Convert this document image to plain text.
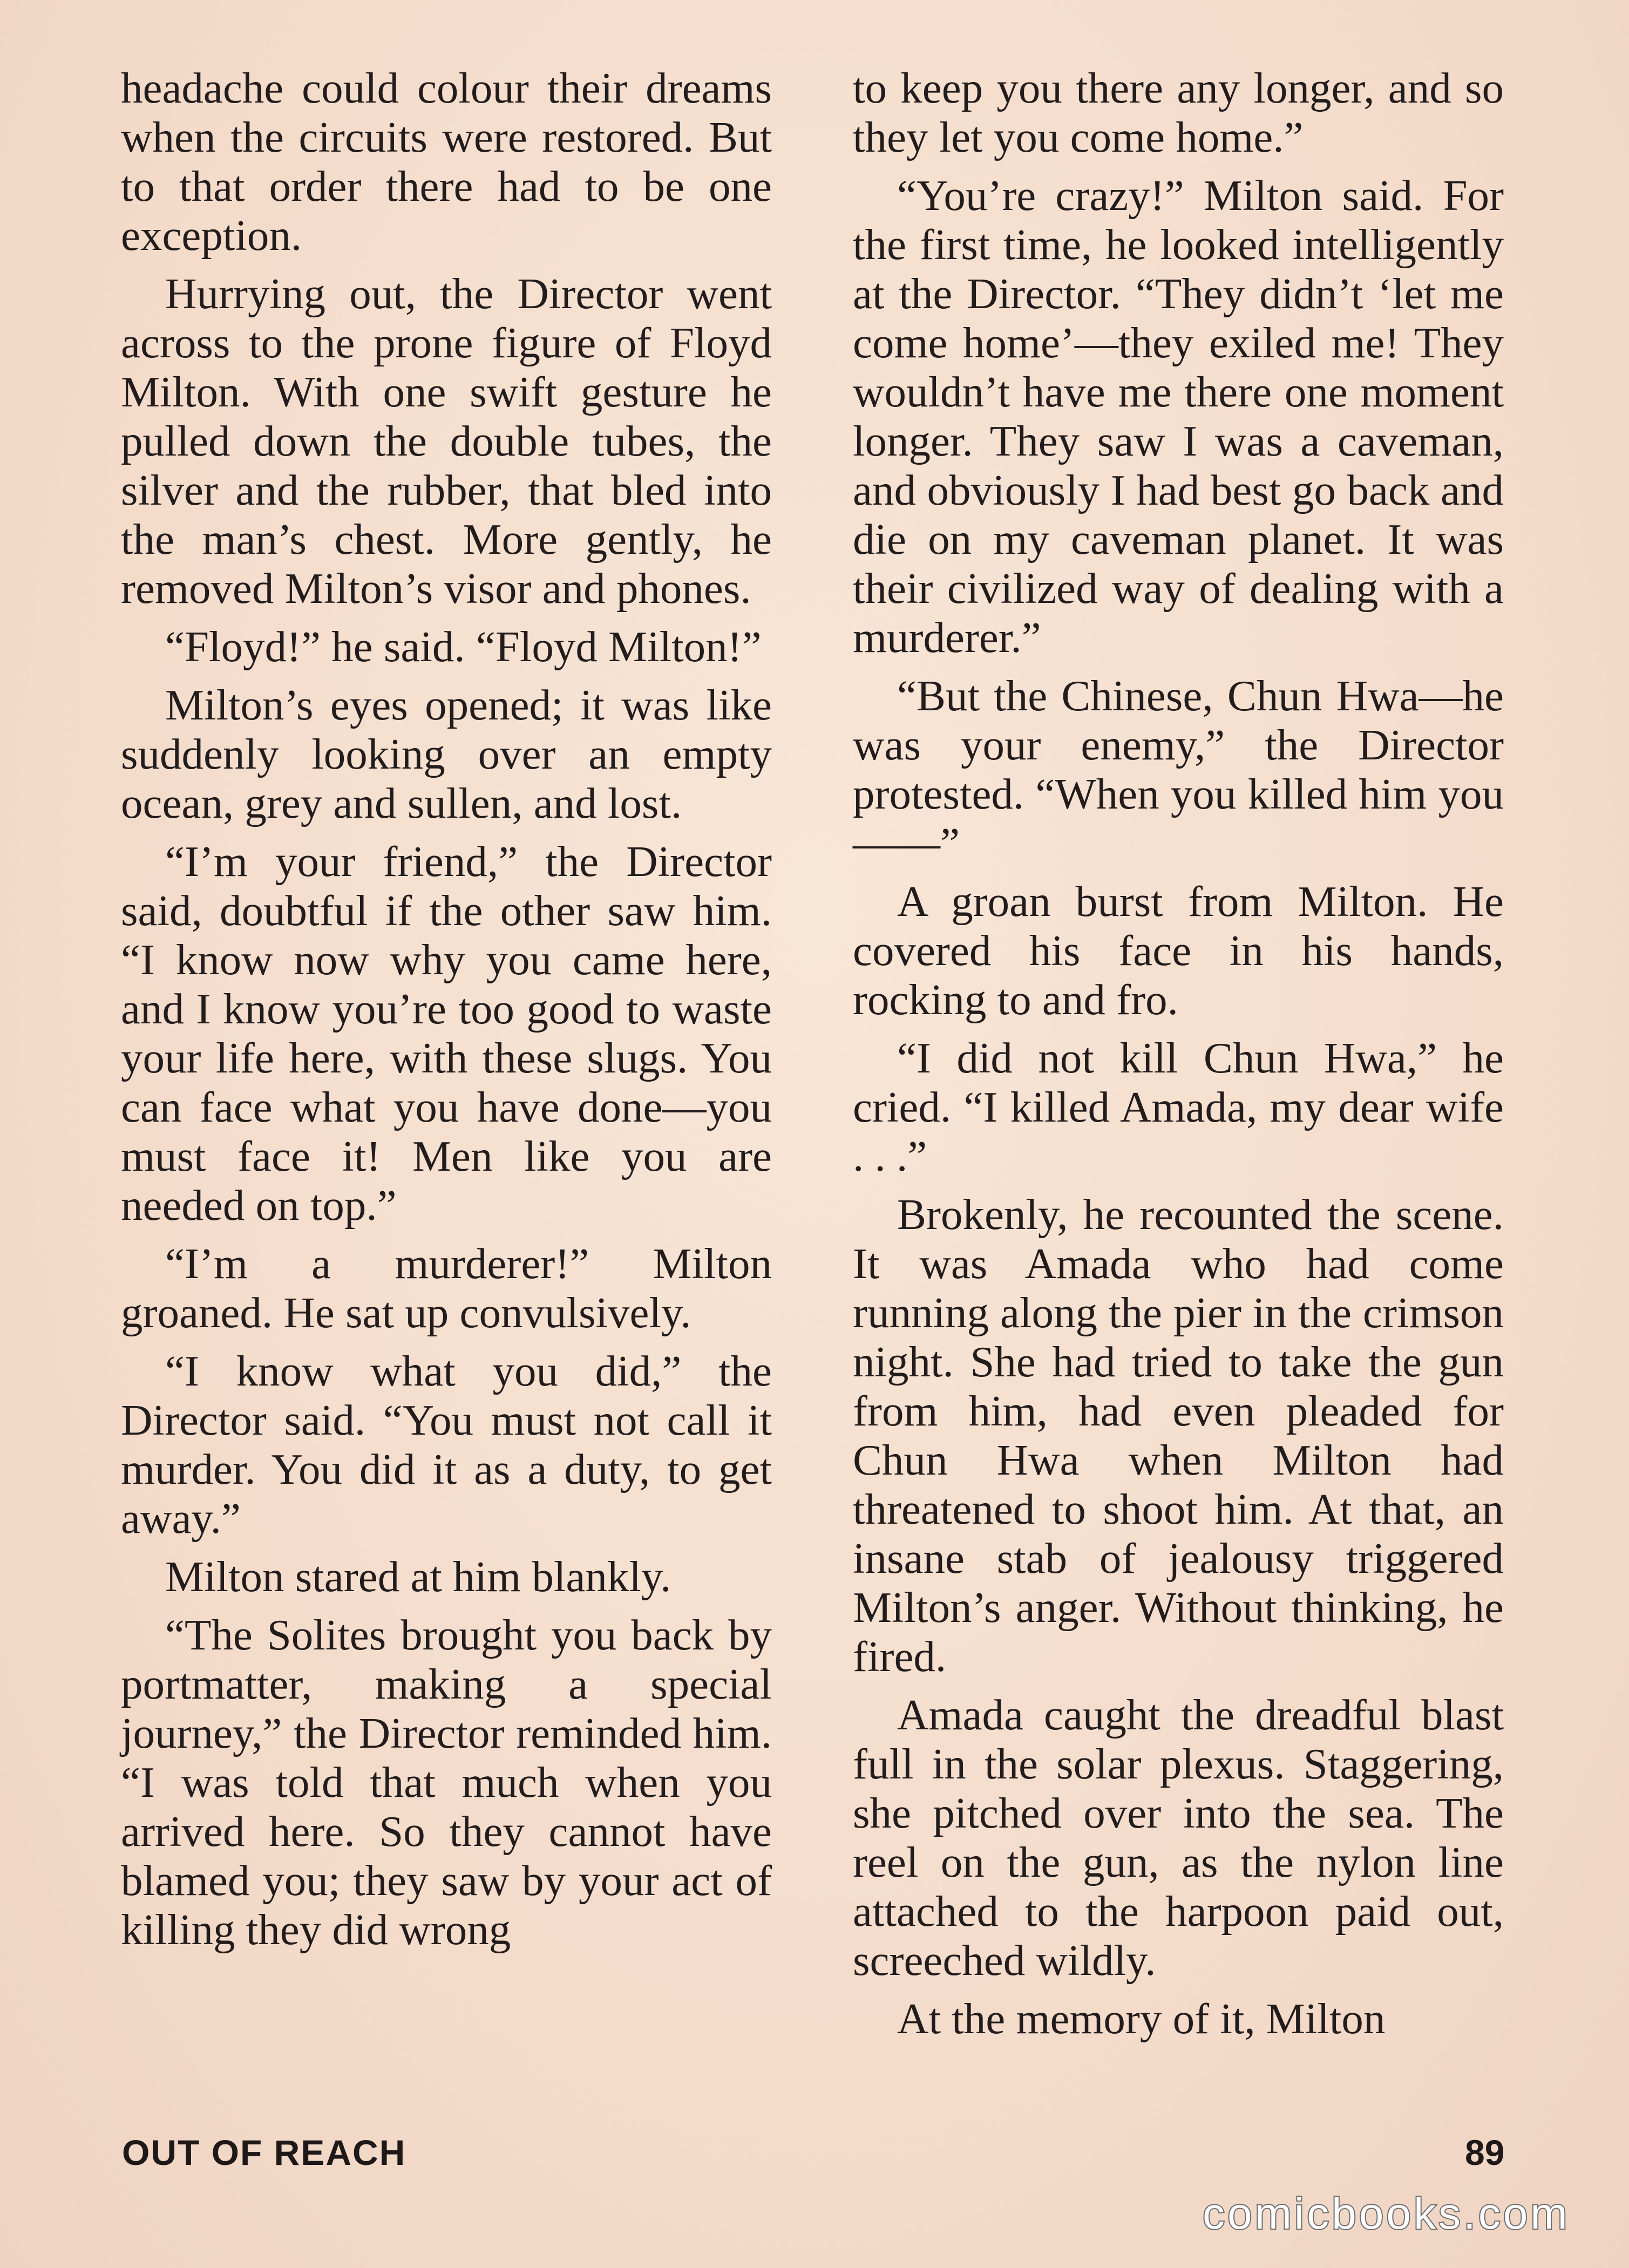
headache could colour their dreams when the circuits were restored. But to that order there had to be one exception.

Hurrying out, the Director went across to the prone figure of Floyd Milton. With one swift gesture he pulled down the double tubes, the silver and the rubber, that bled into the man’s chest. More gently, he removed Milton’s visor and phones.

“Floyd!” he said. “Floyd Milton!”

Milton’s eyes opened; it was like suddenly looking over an empty ocean, grey and sullen, and lost.

“I’m your friend,” the Director said, doubtful if the other saw him. “I know now why you came here, and I know you’re too good to waste your life here, with these slugs. You can face what you have done—you must face it! Men like you are needed on top.”

“I’m a murderer!” Milton groaned. He sat up convulsively.

“I know what you did,” the Director said. “You must not call it murder. You did it as a duty, to get away.”

Milton stared at him blankly.

“The Solites brought you back by portmatter, making a special journey,” the Director reminded him. “I was told that much when you arrived here. So they cannot have blamed you; they saw by your act of killing they did wrong

to keep you there any longer, and so they let you come home.”

“You’re crazy!” Milton said. For the first time, he looked intelligently at the Director. “They didn’t ‘let me come home’—they exiled me! They wouldn’t have me there one moment longer. They saw I was a caveman, and obviously I had best go back and die on my caveman planet. It was their civilized way of dealing with a murderer.”

“But the Chinese, Chun Hwa—he was your enemy,” the Director protested. “When you killed him you——”

A groan burst from Milton. He covered his face in his hands, rocking to and fro.

“I did not kill Chun Hwa,” he cried. “I killed Amada, my dear wife . . .”

Brokenly, he recounted the scene. It was Amada who had come running along the pier in the crimson night. She had tried to take the gun from him, had even pleaded for Chun Hwa when Milton had threatened to shoot him. At that, an insane stab of jealousy triggered Milton’s anger. Without thinking, he fired.

Amada caught the dreadful blast full in the solar plexus. Staggering, she pitched over into the sea. The reel on the gun, as the nylon line attached to the harpoon paid out, screeched wildly.

At the memory of it, Milton

OUT OF REACH	89
comicbooks.com
